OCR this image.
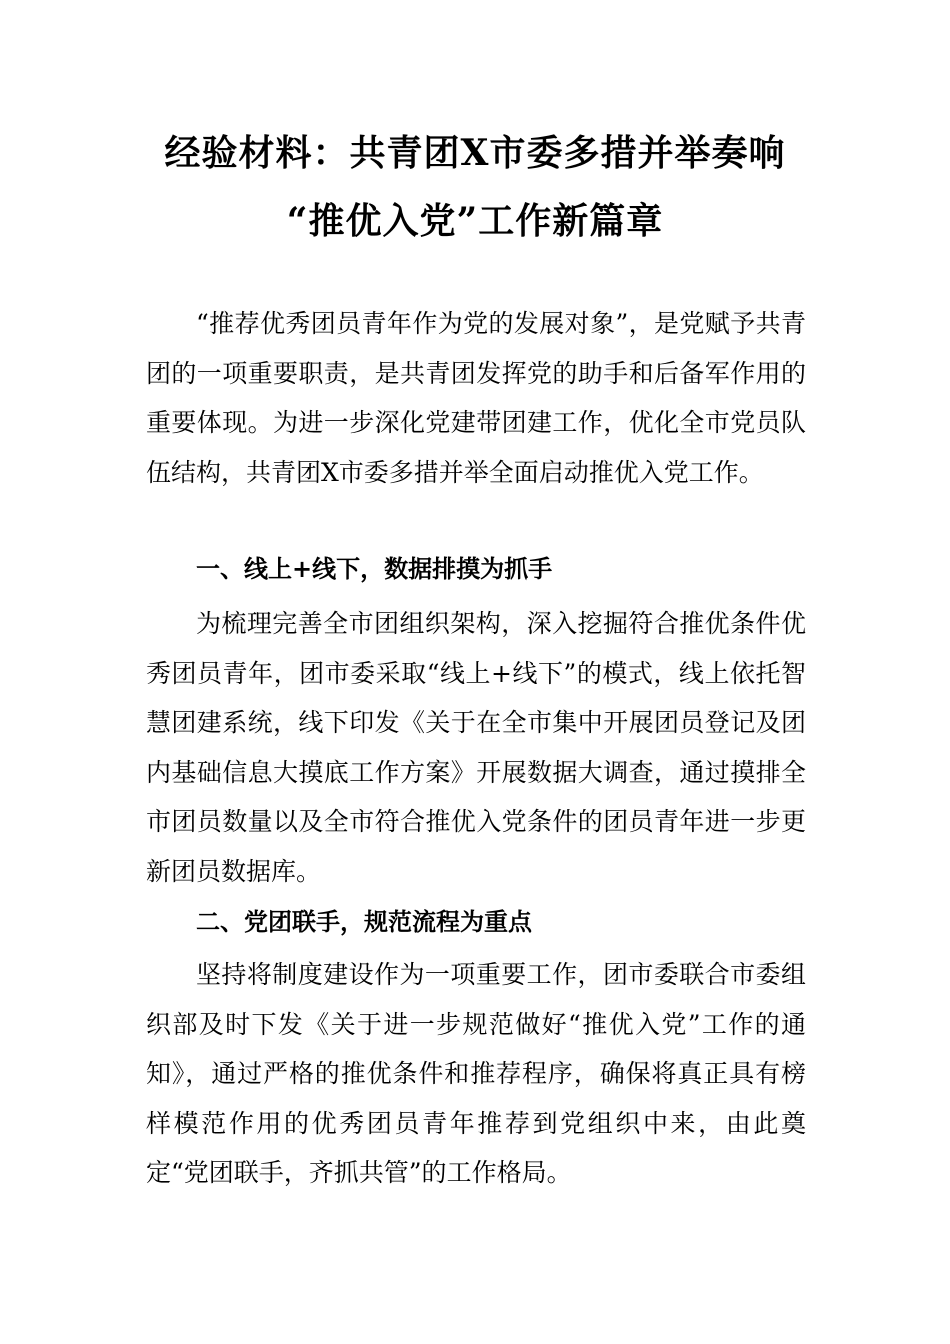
经验材料：共青团X市委多措并举奏响
“推优入党”工作新篇章

“推荐优秀团员青年作为党的发展对象”，是党赋予共青团的一项重要职责，是共青团发挥党的助手和后备军作用的重要体现。为进一步深化党建带团建工作，优化全市党员队伍结构，共青团X市委多措并举全面启动推优入党工作。

一、线上+线下，数据排摸为抓手

为梳理完善全市团组织架构，深入挖掘符合推优条件优秀团员青年，团市委采取“线上+线下”的模式，线上依托智慧团建系统，线下印发《关于在全市集中开展团员登记及团内基础信息大摸底工作方案》开展数据大调查，通过摸排全市团员数量以及全市符合推优入党条件的团员青年进一步更新团员数据库。

二、党团联手，规范流程为重点

坚持将制度建设作为一项重要工作，团市委联合市委组织部及时下发《关于进一步规范做好“推优入党”工作的通知》，通过严格的推优条件和推荐程序，确保将真正具有榜样模范作用的优秀团员青年推荐到党组织中来，由此奠定“党团联手，齐抓共管”的工作格局。
